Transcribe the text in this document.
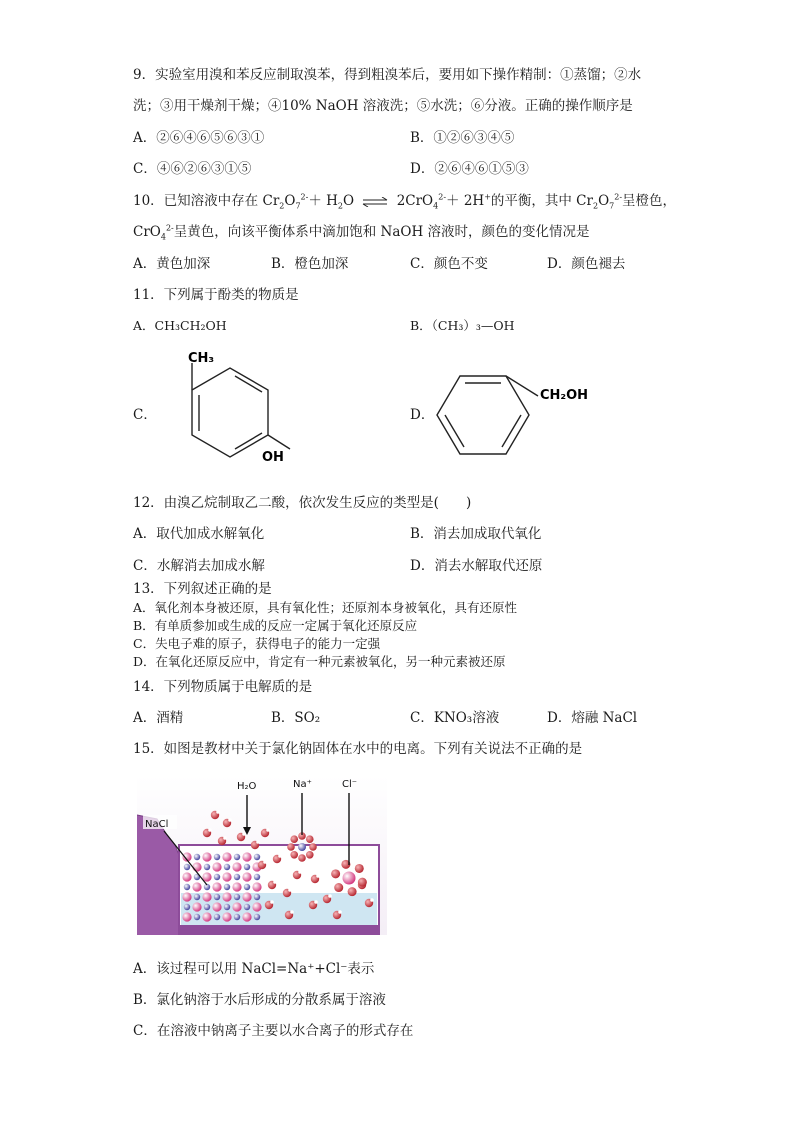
9．实验室用溴和苯反应制取溴苯，得到粗溴苯后，要用如下操作精制：①蒸馏；②水
洗；③用干燥剂干燥；④10% NaOH 溶液洗；⑤水洗；⑥分液。正确的操作顺序是
A．②⑥④⑥⑤⑥③①	B．①②⑥③④⑤
C．④⑥②⑥③①⑤	D．②⑥④⑥①⑤③
10．已知溶液中存在 $Cr_2O_7^{2-}+ H_2O$ ⇌ 2CrO$_4^{2-}$＋ 2H+的平衡，其中 $Cr_2O_7^{2-}$呈橙色，
CrO$_4^{2-}$呈黄色，向该平衡体系中滴加饱和 NaOH 溶液时，颜色的变化情况是
A．黄色加深	B．橙色加深	C．颜色不变	D．颜色褪去
11．下列属于酚类的物质是
A．CH₃CH₂OH	B．（CH₃）₃—OH
C．
CH₃
OH
D．
CH₂OH
12．由溴乙烷制取乙二酸，依次发生反应的类型是(　　)
A．取代加成水解氧化	B．消去加成取代氧化
C．水解消去加成水解	D．消去水解取代还原
13．下列叙述正确的是
A．氧化剂本身被还原，具有氧化性；还原剂本身被氧化，具有还原性
B．有单质参加或生成的反应一定属于氧化还原反应
C．失电子难的原子，获得电子的能力一定强
D．在氧化还原反应中，肯定有一种元素被氧化，另一种元素被还原
14．下列物质属于电解质的是
A．酒精	B．SO₂	C．KNO₃溶液	D．熔融 NaCl
15．如图是教材中关于氯化钠固体在水中的电离。下列有关说法不正确的是
H₂O	Na⁺	Cl⁻
NaCl
A．该过程可以用 NaCl=Na⁺+Cl⁻表示
B．氯化钠溶于水后形成的分散系属于溶液
C．在溶液中钠离子主要以水合离子的形式存在
